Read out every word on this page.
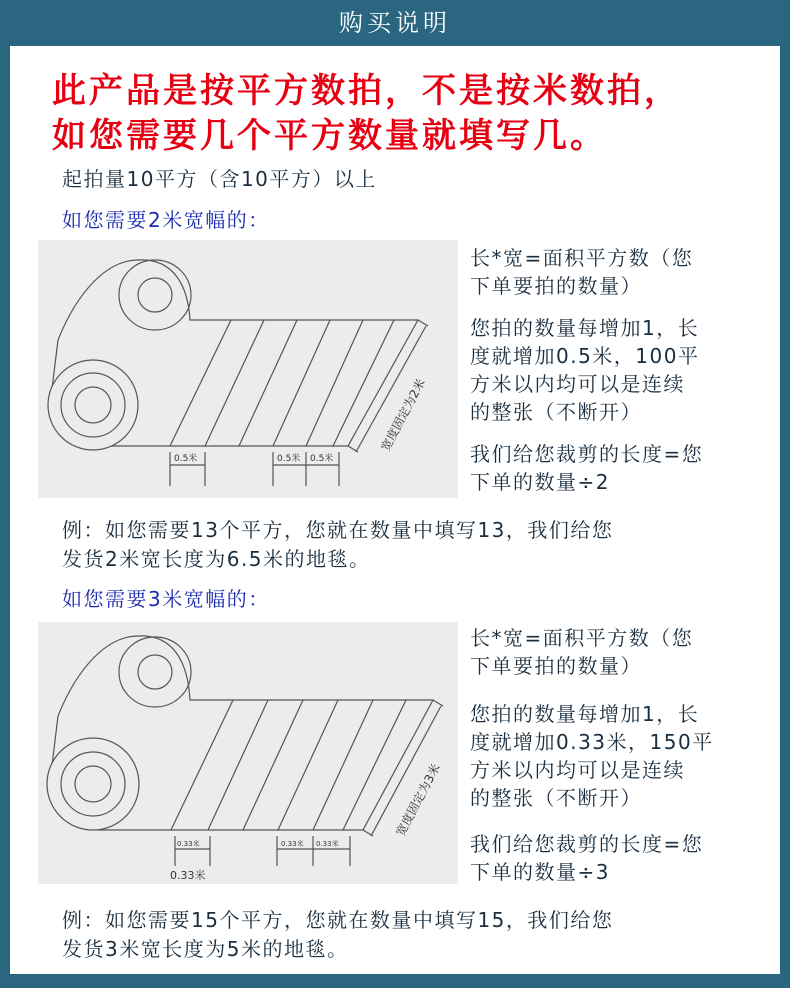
购买说明
此产品是按平方数拍，不是按米数拍，
如您需要几个平方数量就填写几。
起拍量10平方（含10平方）以上
如您需要2米宽幅的：
0.5米	0.5米 0.5米
宽度固定为2米
长*宽=面积平方数（您
下单要拍的数量）
您拍的数量每增加1，长
度就增加0.5米，100平
方米以内均可以是连续
的整张（不断开）
我们给您裁剪的长度=您
下单的数量÷2
例：如您需要13个平方，您就在数量中填写13，我们给您
发货2米宽长度为6.5米的地毯。
如您需要3米宽幅的：
0.33米	0.33米 0.33米
0.33米
宽度固定为3米
长*宽=面积平方数（您
下单要拍的数量）
您拍的数量每增加1，长
度就增加0.33米，150平
方米以内均可以是连续
的整张（不断开）
我们给您裁剪的长度=您
下单的数量÷3
例：如您需要15个平方，您就在数量中填写15，我们给您
发货3米宽长度为5米的地毯。
